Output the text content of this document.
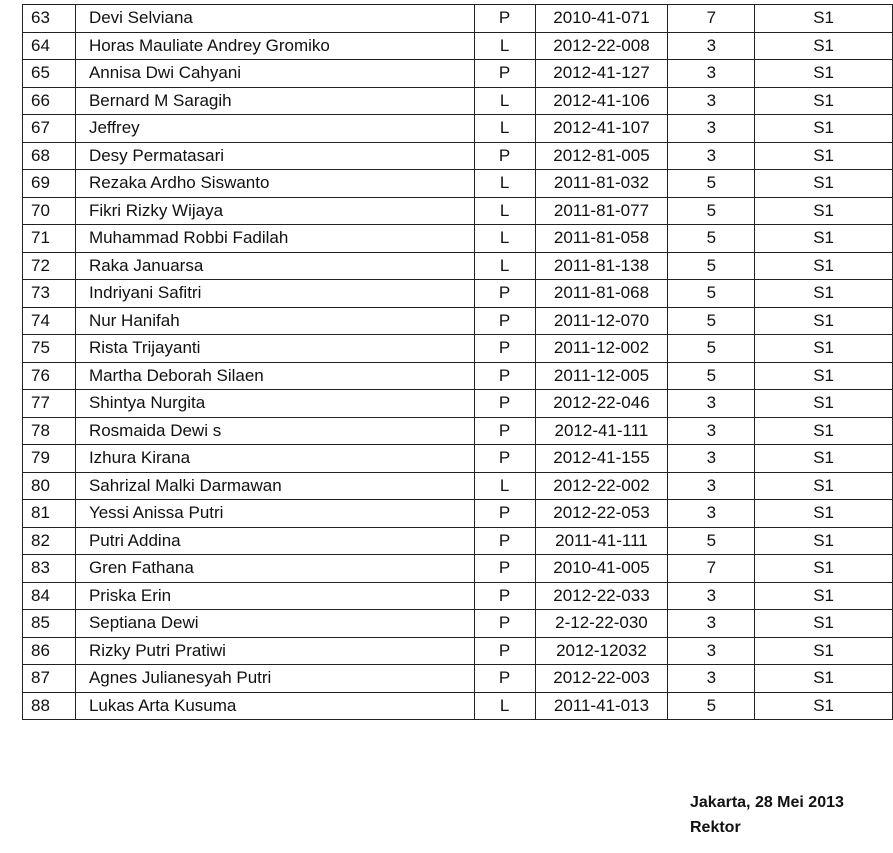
63	Devi Selviana	P	2010-41-071	7	S1
64	Horas Mauliate Andrey Gromiko	L	2012-22-008	3	S1
65	Annisa Dwi Cahyani	P	2012-41-127	3	S1
66	Bernard M Saragih	L	2012-41-106	3	S1
67	Jeffrey	L	2012-41-107	3	S1
68	Desy Permatasari	P	2012-81-005	3	S1
69	Rezaka Ardho Siswanto	L	2011-81-032	5	S1
70	Fikri Rizky Wijaya	L	2011-81-077	5	S1
71	Muhammad Robbi Fadilah	L	2011-81-058	5	S1
72	Raka Januarsa	L	2011-81-138	5	S1
73	Indriyani Safitri	P	2011-81-068	5	S1
74	Nur Hanifah	P	2011-12-070	5	S1
75	Rista Trijayanti	P	2011-12-002	5	S1
76	Martha Deborah Silaen	P	2011-12-005	5	S1
77	Shintya Nurgita	P	2012-22-046	3	S1
78	Rosmaida Dewi s	P	2012-41-111	3	S1
79	Izhura Kirana	P	2012-41-155	3	S1
80	Sahrizal Malki Darmawan	L	2012-22-002	3	S1
81	Yessi Anissa Putri	P	2012-22-053	3	S1
82	Putri Addina	P	2011-41-111	5	S1
83	Gren Fathana	P	2010-41-005	7	S1
84	Priska Erin	P	2012-22-033	3	S1
85	Septiana Dewi	P	2-12-22-030	3	S1
86	Rizky Putri Pratiwi	P	2012-12032	3	S1
87	Agnes Julianesyah Putri	P	2012-22-003	3	S1
88	Lukas Arta Kusuma	L	2011-41-013	5	S1
Jakarta, 28 Mei 2013
Rektor
